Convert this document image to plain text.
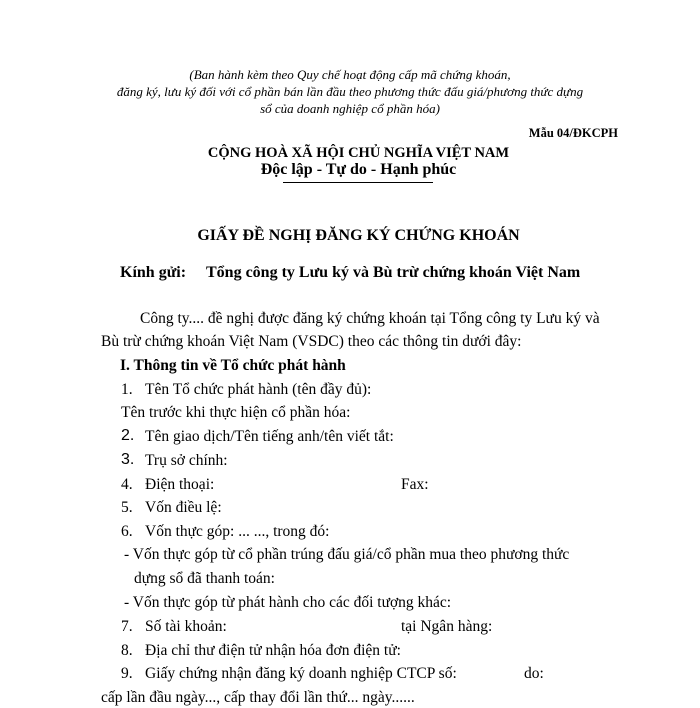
(Ban hành kèm theo Quy chế hoạt động cấp mã chứng khoán,
đăng ký, lưu ký đối với cổ phần bán lần đầu theo phương thức đấu giá/phương thức dựng
sổ của doanh nghiệp cổ phần hóa)
Mẫu 04/ĐKCPH
CỘNG HOÀ XÃ HỘI CHỦ NGHĨA VIỆT NAM
Độc lập - Tự do - Hạnh phúc
GIẤY ĐỀ NGHỊ ĐĂNG KÝ CHỨNG KHOÁN
Kính gửi: Tổng công ty Lưu ký và Bù trừ chứng khoán Việt Nam
Công ty.... đề nghị được đăng ký chứng khoán tại Tổng công ty Lưu ký và
Bù trừ chứng khoán Việt Nam (VSDC) theo các thông tin dưới đây:
I. Thông tin về Tổ chức phát hành
1. Tên Tổ chức phát hành (tên đầy đủ):
Tên trước khi thực hiện cổ phần hóa:
2. Tên giao dịch/Tên tiếng anh/tên viết tắt:
3. Trụ sở chính:
4. Điện thoại:	Fax:
5. Vốn điều lệ:
6. Vốn thực góp: ... ..., trong đó:
- Vốn thực góp từ cổ phần trúng đấu giá/cổ phần mua theo phương thức
dựng sổ đã thanh toán:
- Vốn thực góp từ phát hành cho các đối tượng khác:
7. Số tài khoản:	tại Ngân hàng:
8. Địa chỉ thư điện tử nhận hóa đơn điện tử:
9. Giấy chứng nhận đăng ký doanh nghiệp CTCP số:	do:
cấp lần đầu ngày..., cấp thay đổi lần thứ... ngày......
